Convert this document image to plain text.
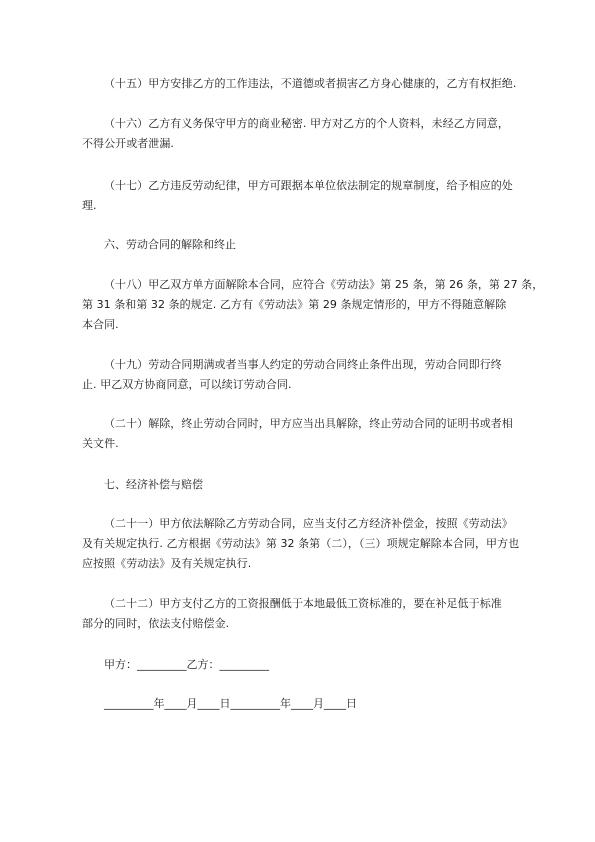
（十五）甲方安排乙方的工作违法，不道德或者损害乙方身心健康的，乙方有权拒绝.
（十六）乙方有义务保守甲方的商业秘密. 甲方对乙方的个人资料，未经乙方同意，
不得公开或者泄漏.
（十七）乙方违反劳动纪律，甲方可跟据本单位依法制定的规章制度，给予相应的处
理.
六、劳动合同的解除和终止
（十八）甲乙双方单方面解除本合同，应符合《劳动法》第 25 条，第 26 条，第 27 条，
第 31 条和第 32 条的规定. 乙方有《劳动法》第 29 条规定情形的，甲方不得随意解除
本合同.
（十九）劳动合同期满或者当事人约定的劳动合同终止条件出现，劳动合同即行终
止. 甲乙双方协商同意，可以续订劳动合同.
（二十）解除，终止劳动合同时，甲方应当出具解除，终止劳动合同的证明书或者相
关文件.
七、经济补偿与赔偿
（二十一）甲方依法解除乙方劳动合同，应当支付乙方经济补偿金，按照《劳动法》
及有关规定执行. 乙方根据《劳动法》第 32 条第（二），（三）项规定解除本合同，甲方也
应按照《劳动法》及有关规定执行.
（二十二）甲方支付乙方的工资报酬低于本地最低工资标准的，要在补足低于标准
部分的同时，依法支付赔偿金.
甲方：_________乙方：_________
_________年____月____日_________年____月____日
